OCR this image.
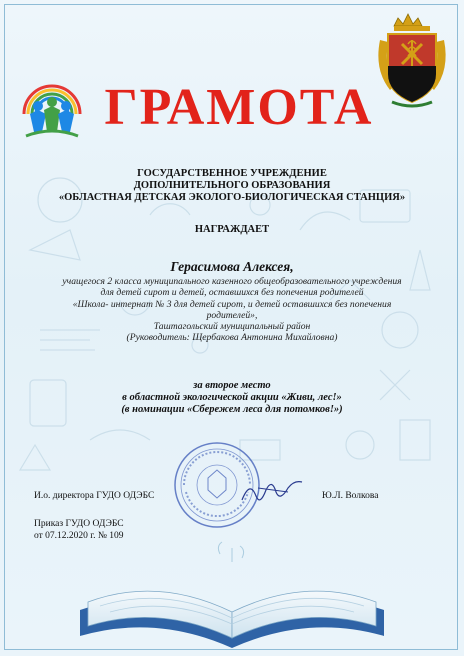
ГРАМОТА
ГОСУДАРСТВЕННОЕ УЧРЕЖДЕНИЕ
ДОПОЛНИТЕЛЬНОГО ОБРАЗОВАНИЯ
«ОБЛАСТНАЯ ДЕТСКАЯ ЭКОЛОГО-БИОЛОГИЧЕСКАЯ СТАНЦИЯ»
НАГРАЖДАЕТ
Герасимова Алексея,
учащегося 2 класса муниципального казенного общеобразовательного учреждения
для детей сирот и детей, оставшихся без попечения родителей
«Школа- интернат № 3 для детей сирот, и детей оставшихся без попечения
родителей»,
Таштагольский муниципальный район
(Руководитель: Щербакова Антонина Михайловна)
за второе место
в областной экологической акции «Живи, лес!»
(в номинации «Сбережем леса для потомков!»)
И.о. директора ГУДО ОДЭБС	Ю.Л. Волкова
Приказ ГУДО ОДЭБС
от 07.12.2020 г. № 109
